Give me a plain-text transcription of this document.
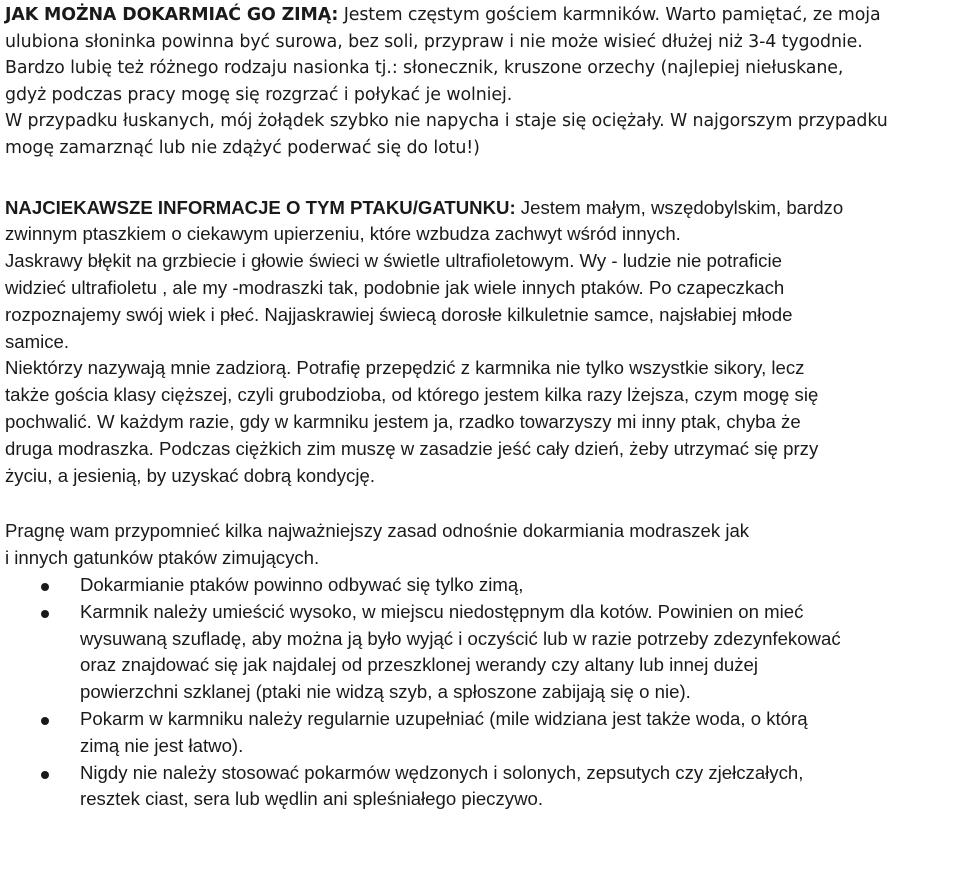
JAK MOŻNA DOKARMIAĆ GO ZIMĄ: Jestem częstym gościem karmników. Warto pamiętać, ze moja
ulubiona słoninka powinna być surowa, bez soli, przypraw i nie może wisieć dłużej niż 3-4 tygodnie.
Bardzo lubię też różnego rodzaju nasionka tj.: słonecznik, kruszone orzechy (najlepiej niełuskane,
gdyż podczas pracy mogę się rozgrzać i połykać je wolniej.
W przypadku łuskanych, mój żołądek szybko nie napycha i staje się ociężały. W najgorszym przypadku
mogę zamarznąć lub nie zdążyć poderwać się do lotu!)
NAJCIEKAWSZE INFORMACJE O TYM PTAKU/GATUNKU: Jestem małym, wszędobylskim, bardzo
zwinnym ptaszkiem o ciekawym upierzeniu, które wzbudza zachwyt wśród innych.
Jaskrawy błękit na grzbiecie i głowie świeci w świetle ultrafioletowym. Wy - ludzie nie potraficie
widzieć ultrafioletu , ale my -modraszki tak, podobnie jak wiele innych ptaków. Po czapeczkach
rozpoznajemy swój wiek i płeć. Najjaskrawiej świecą dorosłe kilkuletnie samce, najsłabiej młode
samice.
Niektórzy nazywają mnie zadziorą. Potrafię przepędzić z karmnika nie tylko wszystkie sikory, lecz
także gościa klasy cięższej, czyli grubodzioba, od którego jestem kilka razy lżejsza, czym mogę się
pochwalić. W każdym razie, gdy w karmniku jestem ja, rzadko towarzyszy mi inny ptak, chyba że
druga modraszka. Podczas ciężkich zim muszę w zasadzie jeść cały dzień, żeby utrzymać się przy
życiu, a jesienią, by uzyskać dobrą kondycję.
Pragnę wam przypomnieć kilka najważniejszy zasad odnośnie dokarmiania modraszek jak
i innych gatunków ptaków zimujących.
Dokarmianie ptaków powinno odbywać się tylko zimą,
Karmnik należy umieścić wysoko, w miejscu niedostępnym dla kotów. Powinien on mieć
wysuwaną szufladę, aby można ją było wyjąć i oczyścić lub w razie potrzeby zdezynfekować
oraz znajdować się jak najdalej od przeszklonej werandy czy altany lub innej dużej
powierzchni szklanej (ptaki nie widzą szyb, a spłoszone zabijają się o nie).
Pokarm w karmniku należy regularnie uzupełniać (mile widziana jest także woda, o którą
zimą nie jest łatwo).
Nigdy nie należy stosować pokarmów wędzonych i solonych, zepsutych czy zjełczałych,
resztek ciast, sera lub wędlin ani spleśniałego pieczywo.
